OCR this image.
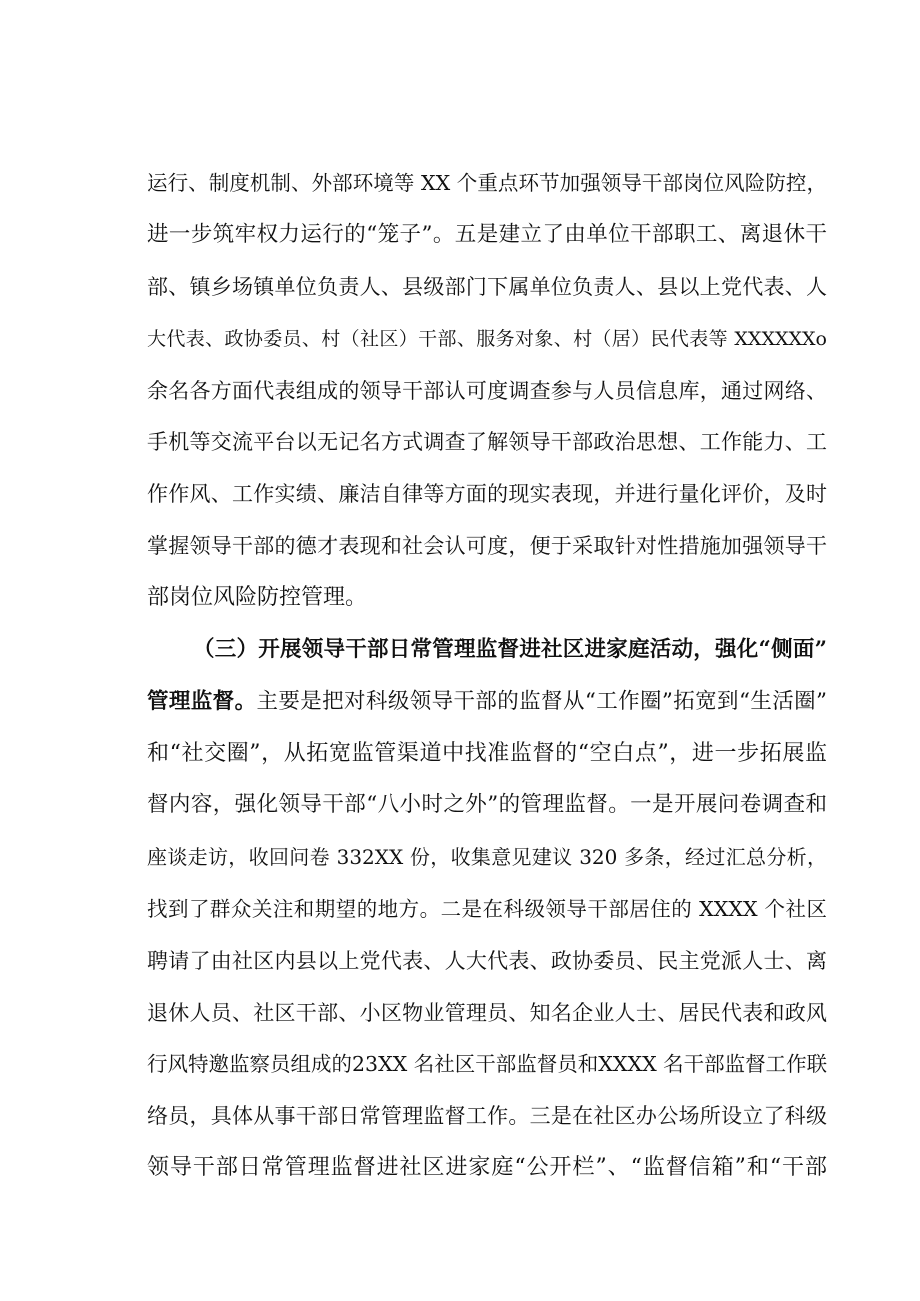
运行、制度机制、外部环境等 XX 个重点环节加强领导干部岗位风险防控，
进一步筑牢权力运行的“笼子”。五是建立了由单位干部职工、离退休干
部、镇乡场镇单位负责人、县级部门下属单位负责人、县以上党代表、人
大代表、政协委员、村（社区）干部、服务对象、村（居）民代表等 XXXXXXo
余名各方面代表组成的领导干部认可度调查参与人员信息库，通过网络、
手机等交流平台以无记名方式调查了解领导干部政治思想、工作能力、工
作作风、工作实绩、廉洁自律等方面的现实表现，并进行量化评价，及时
掌握领导干部的德才表现和社会认可度，便于采取针对性措施加强领导干
部岗位风险防控管理。
（三）开展领导干部日常管理监督进社区进家庭活动，强化“侧面”
管理监督。主要是把对科级领导干部的监督从“工作圈”拓宽到“生活圈”
和“社交圈”，从拓宽监管渠道中找准监督的“空白点”，进一步拓展监
督内容，强化领导干部“八小时之外”的管理监督。一是开展问卷调查和
座谈走访，收回问卷 332XX 份，收集意见建议 320 多条，经过汇总分析，
找到了群众关注和期望的地方。二是在科级领导干部居住的 XXXX 个社区
聘请了由社区内县以上党代表、人大代表、政协委员、民主党派人士、离
退休人员、社区干部、小区物业管理员、知名企业人士、居民代表和政风
行风特邀监察员组成的23XX 名社区干部监督员和XXXX 名干部监督工作联
络员，具体从事干部日常管理监督工作。三是在社区办公场所设立了科级
领导干部日常管理监督进社区进家庭“公开栏”、“监督信箱”和“干部
